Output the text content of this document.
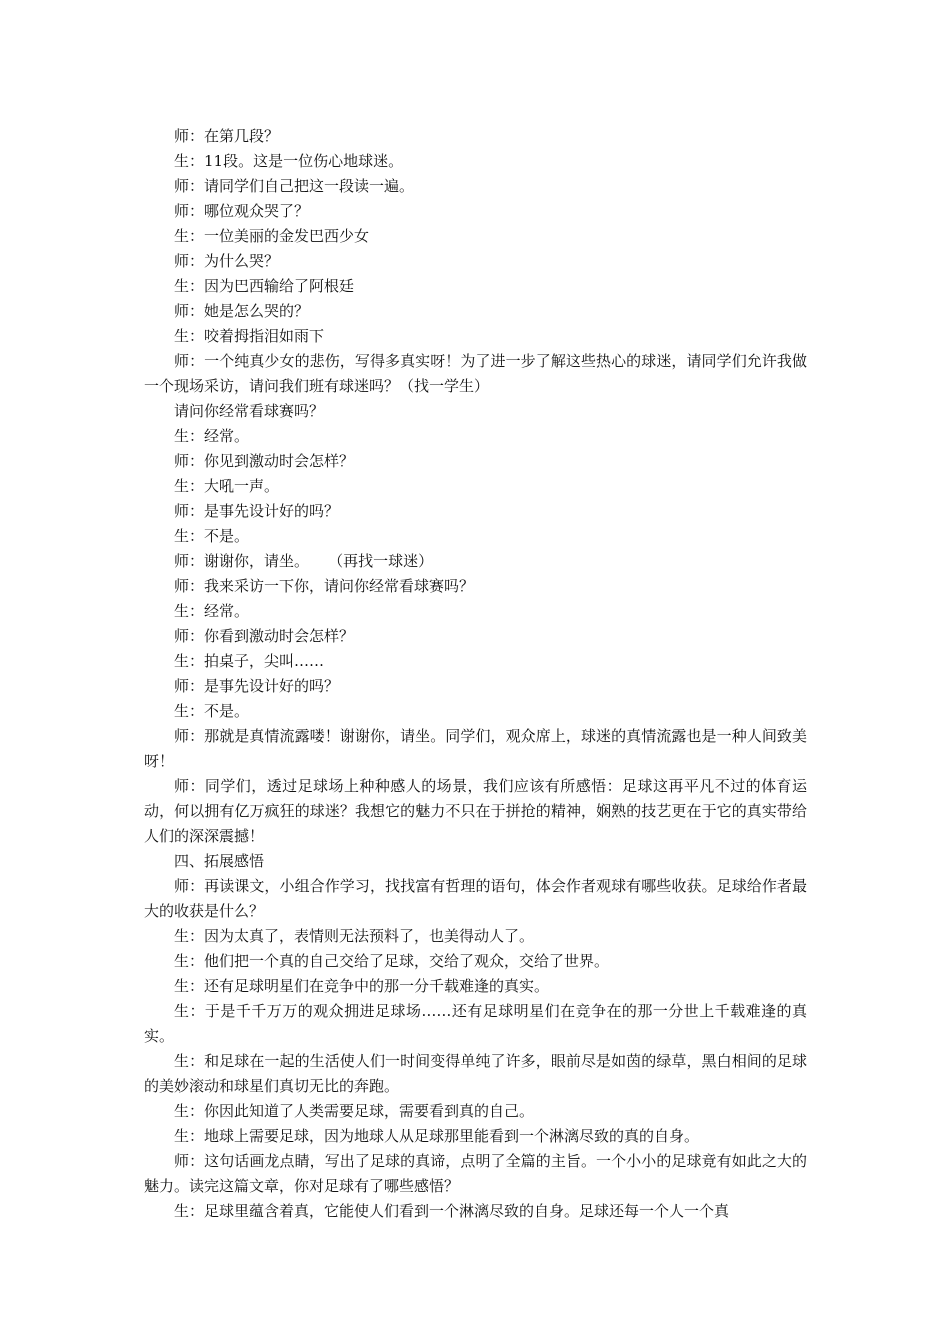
师：在第几段？

生：11段。这是一位伤心地球迷。

师：请同学们自己把这一段读一遍。

师：哪位观众哭了？

生：一位美丽的金发巴西少女

师：为什么哭？

生：因为巴西输给了阿根廷

师：她是怎么哭的？

生：咬着拇指泪如雨下

师：一个纯真少女的悲伤，写得多真实呀！为了进一步了解这些热心的球迷，请同学们允许我做一个现场采访，请问我们班有球迷吗？（找一学生）

请问你经常看球赛吗？

生：经常。

师：你见到激动时会怎样？

生：大吼一声。

师：是事先设计好的吗？

生：不是。

师：谢谢你，请坐。    （再找一球迷）

师：我来采访一下你，请问你经常看球赛吗？

生：经常。

师：你看到激动时会怎样？

生：拍桌子，尖叫……

师：是事先设计好的吗？

生：不是。

师：那就是真情流露喽！谢谢你，请坐。同学们，观众席上，球迷的真情流露也是一种人间致美呀！

师：同学们，透过足球场上种种感人的场景，我们应该有所感悟：足球这再平凡不过的体育运动，何以拥有亿万疯狂的球迷？我想它的魅力不只在于拼抢的精神，娴熟的技艺更在于它的真实带给人们的深深震撼！

四、拓展感悟

师：再读课文，小组合作学习，找找富有哲理的语句，体会作者观球有哪些收获。足球给作者最大的收获是什么？

生：因为太真了，表情则无法预料了，也美得动人了。

生：他们把一个真的自己交给了足球，交给了观众，交给了世界。

生：还有足球明星们在竞争中的那一分千载难逢的真实。

生：于是千千万万的观众拥进足球场……还有足球明星们在竞争在的那一分世上千载难逢的真实。

生：和足球在一起的生活使人们一时间变得单纯了许多，眼前尽是如茵的绿草，黑白相间的足球的美妙滚动和球星们真切无比的奔跑。

生：你因此知道了人类需要足球，需要看到真的自己。

生：地球上需要足球，因为地球人从足球那里能看到一个淋漓尽致的真的自身。

师：这句话画龙点睛，写出了足球的真谛，点明了全篇的主旨。一个小小的足球竟有如此之大的魅力。读完这篇文章，你对足球有了哪些感悟？

生：足球里蕴含着真，它能使人们看到一个淋漓尽致的自身。足球还每一个人一个真
